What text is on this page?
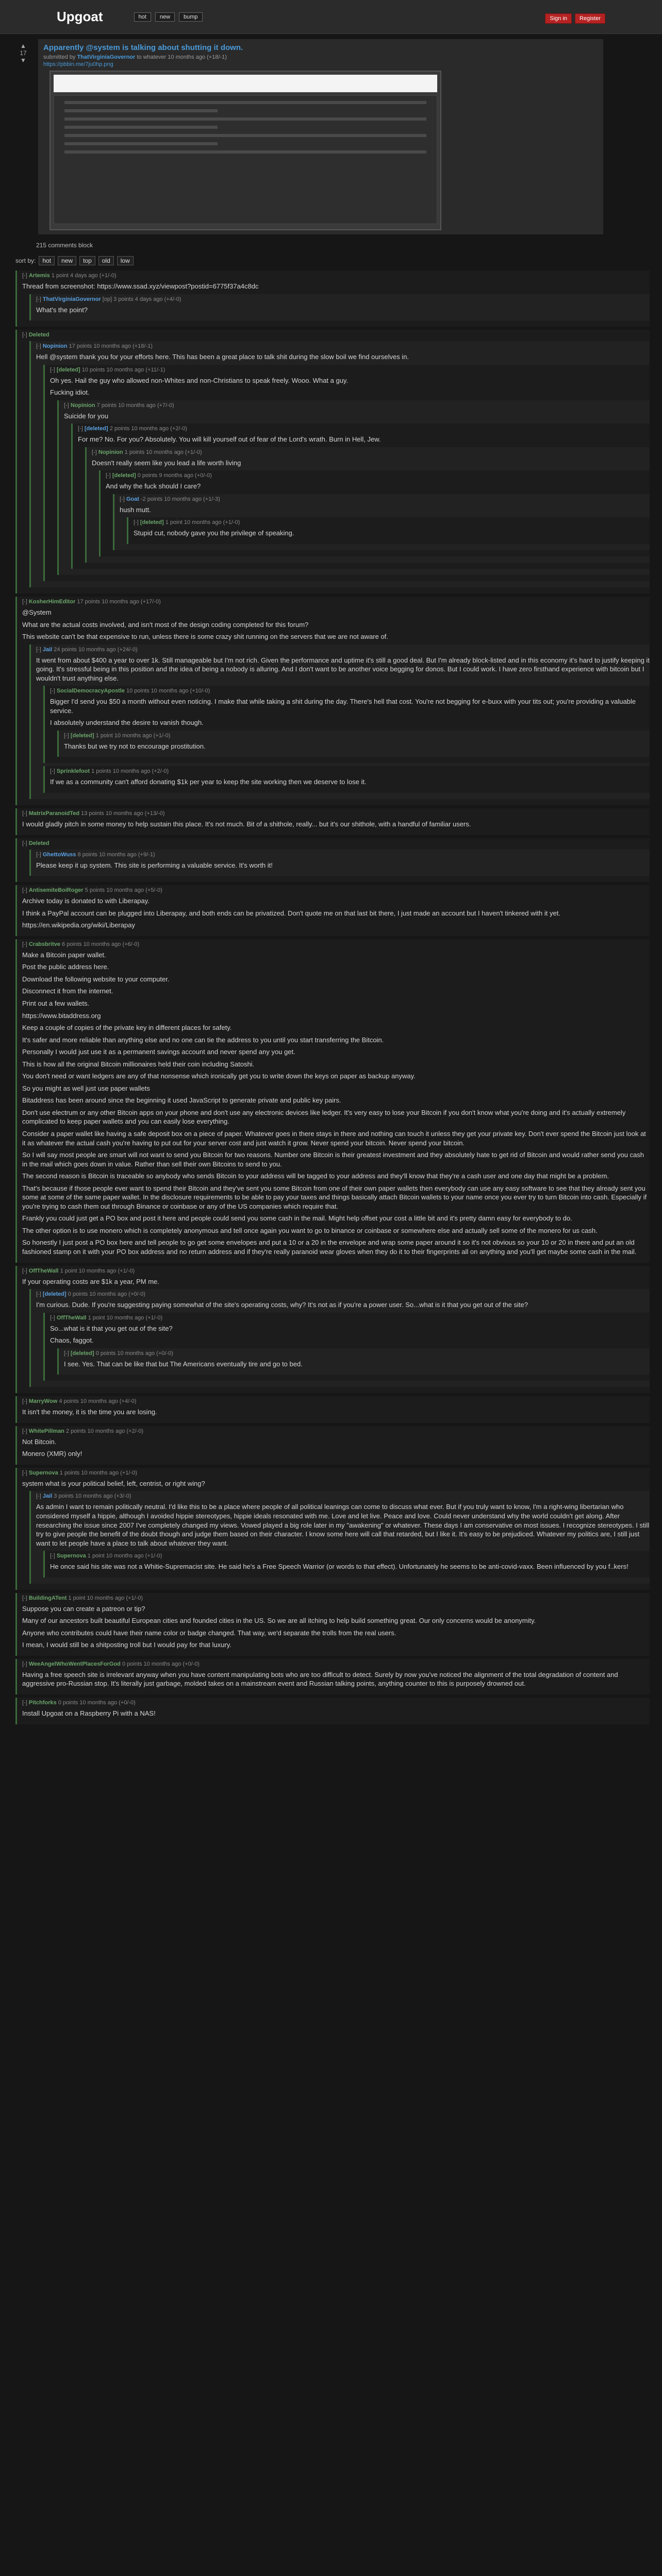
Upgoat	hot	new	bump	Sign in	Register
▲
17
▼
Apparently @system is talking about shutting it down.
submitted by ThatVirginiaGovernor to whatever 10 months ago (+18/-1)
https://pbbin.me/7ju0hp.png
215 comments block
sort by:	hot	new	top	old	low
[-] Artemis 1 point 4 days ago (+1/-0)

Thread from screenshot: https://www.ssad.xyz/viewpost?postid=6775f37a4c8dc

[-] ThatVirginiaGovernor [op] 3 points 4 days ago (+4/-0)

What's the point?

[-] Deleted
[-] Nopinion 17 points 10 months ago (+18/-1)

Hell @system thank you for your efforts here. This has been a great place to talk shit during the slow boil we find ourselves in.

[-] [deleted] 10 points 10 months ago (+11/-1)

Oh yes. Hail the guy who allowed non-Whites and non-Christians to speak freely. Wooo. What a guy.

Fucking idiot.

[-] Nopinion 7 points 10 months ago (+7/-0)

Suicide for you

[-] [deleted] 2 points 10 months ago (+2/-0)

For me? No. For you? Absolutely. You will kill yourself out of fear of the Lord's wrath. Burn in Hell, Jew.

[-] Nopinion 1 points 10 months ago (+1/-0)

Doesn't really seem like you lead a life worth living

[-] [deleted] 0 points 9 months ago (+0/-0)

And why the fuck should I care?

[-] Goat -2 points 10 months ago (+1/-3)

hush mutt.

[-] [deleted] 1 point 10 months ago (+1/-0)

Stupid cut, nobody gave you the privilege of speaking.

[-] KosherHimEditor 17 points 10 months ago (+17/-0)

@System

What are the actual costs involved, and isn't most of the design coding completed for this forum?

This website can't be that expensive to run, unless there is some crazy shit running on the servers that we are not aware of.

[-] Jail 24 points 10 months ago (+24/-0)

It went from about $400 a year to over 1k. Still manageable but I'm not rich. Given the performance and uptime it's still a good deal. But I'm already block-listed and in this economy it's hard to justify keeping it going. It's stressful being in this position and the idea of being a nobody is alluring. And I don't want to be another voice begging for donos. But I could work. I have zero firsthand experience with bitcoin but I wouldn't trust anything else.

[-] SocialDemocracyApostle 10 points 10 months ago (+10/-0)

Bigger I'd send you $50 a month without even noticing. I make that while taking a shit during the day. There's hell that cost. You're not begging for e-buxx with your tits out; you're providing a valuable service.

I absolutely understand the desire to vanish though.

[-] [deleted] 1 point 10 months ago (+1/-0)

Thanks but we try not to encourage prostitution.

[-] Sprinklefoot 1 points 10 months ago (+2/-0)

If we as a community can't afford donating $1k per year to keep the site working then we deserve to lose it.

[-] MatrixParanoidTed 13 points 10 months ago (+13/-0)

I would gladly pitch in some money to help sustain this place. It's not much. Bit of a shithole, really... but it's our shithole, with a handful of familiar users.

[-] Deleted
[-] GhettoWuss 8 points 10 months ago (+9/-1)

Please keep it up system. This site is performing a valuable service. It's worth it!

[-] AntisemiteBoiRoger 5 points 10 months ago (+5/-0)

Archive today is donated to with Liberapay.

I think a PayPal account can be plugged into Liberapay, and both ends can be privatized. Don't quote me on that last bit there, I just made an account but I haven't tinkered with it yet.

https://en.wikipedia.org/wiki/Liberapay

[-] Crabsbritve 6 points 10 months ago (+6/-0)

Make a Bitcoin paper wallet.

Post the public address here.

Download the following website to your computer.

Disconnect it from the internet.

Print out a few wallets.

https://www.bitaddress.org

Keep a couple of copies of the private key in different places for safety.

It's safer and more reliable than anything else and no one can tie the address to you until you start transferring the Bitcoin.

Personally I would just use it as a permanent savings account and never spend any you get.

This is how all the original Bitcoin millionaires held their coin including Satoshi.

You don't need or want ledgers are any of that nonsense which ironically get you to write down the keys on paper as backup anyway.

So you might as well just use paper wallets

Bitaddress has been around since the beginning it used JavaScript to generate private and public key pairs.

Don't use electrum or any other Bitcoin apps on your phone and don't use any electronic devices like ledger. It's very easy to lose your Bitcoin if you don't know what you're doing and it's actually extremely complicated to keep paper wallets and you can easily lose everything.

Consider a paper wallet like having a safe deposit box on a piece of paper. Whatever goes in there stays in there and nothing can touch it unless they get your private key. Don't ever spend the Bitcoin just look at it as whatever the actual cash you're having to put out for your server cost and just watch it grow. Never spend your bitcoin. Never spend your bitcoin.

So I will say most people are smart will not want to send you Bitcoin for two reasons. Number one Bitcoin is their greatest investment and they absolutely hate to get rid of Bitcoin and would rather send you cash in the mail which goes down in value. Rather than sell their own Bitcoins to send to you.

The second reason is Bitcoin is traceable so anybody who sends Bitcoin to your address will be tagged to your address and they'll know that they're a cash user and one day that might be a problem.

That's because if those people ever want to spend their Bitcoin and they've sent you some Bitcoin from one of their own paper wallets then everybody can use any easy software to see that they already sent you some at some of the same paper wallet. In the disclosure requirements to be able to pay your taxes and things basically attach Bitcoin wallets to your name once you ever try to turn Bitcoin into cash. Especially if you're trying to cash them out through Binance or coinbase or any of the US companies which require that.

Frankly you could just get a PO box and post it here and people could send you some cash in the mail. Might help offset your cost a little bit and it's pretty damn easy for everybody to do.

The other option is to use monero which is completely anonymous and tell once again you want to go to binance or coinbase or somewhere else and actually sell some of the monero for us cash.

So honestly I just post a PO box here and tell people to go get some envelopes and put a 10 or a 20 in the envelope and wrap some paper around it so it's not obvious so your 10 or 20 in there and put an old fashioned stamp on it with your PO box address and no return address and if they're really paranoid wear gloves when they do it to their fingerprints all on anything and you'll get maybe some cash in the mail.

[-] OffTheWall 1 point 10 months ago (+1/-0)

If your operating costs are $1k a year, PM me.

[-] [deleted] 0 points 10 months ago (+0/-0)

I'm curious. Dude. If you're suggesting paying somewhat of the site's operating costs, why? It's not as if you're a power user. So...what is it that you get out of the site?

[-] OffTheWall 1 point 10 months ago (+1/-0)

So...what is it that you get out of the site?

Chaos, faggot.

[-] [deleted] 0 points 10 months ago (+0/-0)

I see. Yes. That can be like that but The Americans eventually tire and go to bed.

[-] MarryWow 4 points 10 months ago (+4/-0)

It isn't the money, it is the time you are losing.

[-] WhitePillman 2 points 10 months ago (+2/-0)

Not Bitcoin.

Monero (XMR) only!

[-] Supernova 1 points 10 months ago (+1/-0)

system what is your political belief, left, centrist, or right wing?

[-] Jail 3 points 10 months ago (+3/-0)

As admin I want to remain politically neutral. I'd like this to be a place where people of all political leanings can come to discuss what ever. But if you truly want to know, I'm a right-wing libertarian who considered myself a hippie, although I avoided hippie stereotypes, hippie ideals resonated with me. Love and let live. Peace and love. Could never understand why the world couldn't get along. After researching the issue since 2007 I've completely changed my views. Vowed played a big role later in my "awakening" or whatever. These days I am conservative on most issues. I recognize stereotypes. I still try to give people the benefit of the doubt though and judge them based on their character. I know some here will call that retarded, but I like it. It's easy to be prejudiced. Whatever my politics are, I still just want to let people have a place to talk about whatever they want.

[-] Supernova 1 point 10 months ago (+1/-0)

He once said his site was not a Whitie-Supremacist site. He said he's a Free Speech Warrior (or words to that effect). Unfortunately he seems to be anti-covid-vaxx. Been influenced by you f..kers!

[-] BuildingATent 1 point 10 months ago (+1/-0)

Suppose you can create a patreon or tip?

Many of our ancestors built beautiful European cities and founded cities in the US. So we are all itching to help build something great. Our only concerns would be anonymity.

Anyone who contributes could have their name color or badge changed. That way, we'd separate the trolls from the real users.

I mean, I would still be a shitposting troll but I would pay for that luxury.

[-] WeeAngelWhoWentPlacesForGod 0 points 10 months ago (+0/-0)

Having a free speech site is irrelevant anyway when you have content manipulating bots who are too difficult to detect. Surely by now you've noticed the alignment of the total degradation of content and aggressive pro-Russian stop. It's literally just garbage, molded takes on a mainstream event and Russian talking points, anything counter to this is purposely drowned out.

[-] Pitchforks 0 points 10 months ago (+0/-0)

Install Upgoat on a Raspberry Pi with a NAS!
